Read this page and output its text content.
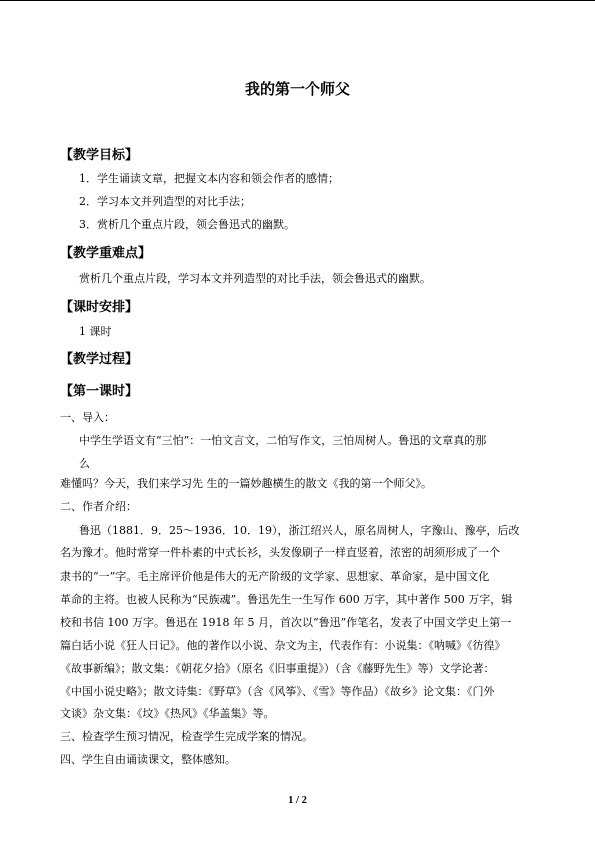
我的第一个师父
【教学目标】
1．学生诵读文章，把握文本内容和领会作者的感情；
2．学习本文并列造型的对比手法；
3．赏析几个重点片段，领会鲁迅式的幽默。
【教学重难点】
赏析几个重点片段，学习本文并列造型的对比手法，领会鲁迅式的幽默。
【课时安排】
1 课时
【教学过程】
【第一课时】
一、导入：
中学生学语文有“三怕”：一怕文言文，二怕写作文，三怕周树人。鲁迅的文章真的那
么
难懂吗？今天，我们来学习先 生的一篇妙趣横生的散文《我的第一个师父》。
二、作者介绍：
鲁迅（1881．9．25～1936．10．19），浙江绍兴人，原名周树人，字豫山、豫亭，后改
名为豫才。他时常穿一件朴素的中式长衫，头发像刷子一样直竖着，浓密的胡须形成了一个
隶书的“一”字。毛主席评价他是伟大的无产阶级的文学家、思想家、革命家，是中国文化
革命的主将。也被人民称为“民族魂”。鲁迅先生一生写作 600 万字，其中著作 500 万字，辑
校和书信 100 万字。鲁迅在 1918 年 5 月，首次以“鲁迅”作笔名，发表了中国文学史上第一
篇白话小说《狂人日记》。他的著作以小说、杂文为主，代表作有：小说集：《呐喊》《彷徨》
《故事新编》；散文集：《朝花夕拾》（原名《旧事重提》）（含《藤野先生》等）文学论著：
《中国小说史略》；散文诗集：《野草》（含《风筝》、《雪》等作品）《故乡》论文集：《门外
文谈》杂文集：《坟》《热风》《华盖集》等。
三、检查学生预习情况，检查学生完成学案的情况。
四、学生自由诵读课文，整体感知。
1 / 2
